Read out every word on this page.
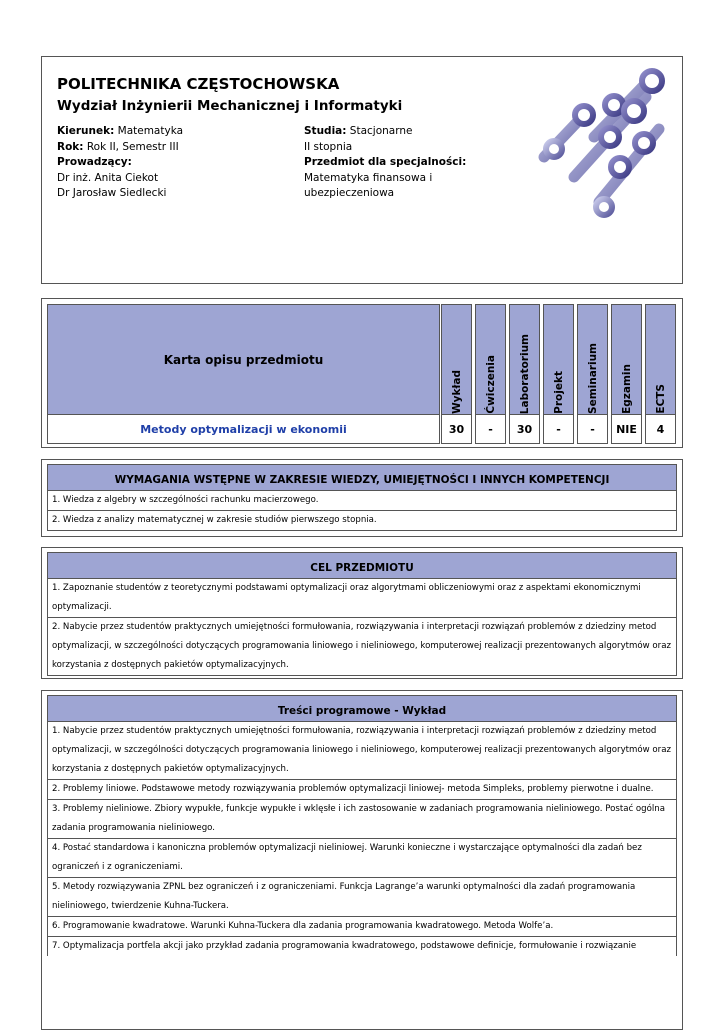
POLITECHNIKA CZĘSTOCHOWSKA
Wydział Inżynierii Mechanicznej i Informatyki
Kierunek: Matematyka
Rok: Rok II, Semestr III
Prowadzący:
Dr inż. Anita Ciekot
Dr Jarosław Siedlecki
Studia: Stacjonarne
II stopnia
Przedmiot dla specjalności:
Matematyka finansowa i
ubezpieczeniowa
Karta opisu przedmiotu
Metody optymalizacji w ekonomii
Wykład Ćwiczenia Laboratorium Projekt Seminarium Egzamin ECTS
30	-	30	-	-	NIE	4
WYMAGANIA WSTĘPNE W ZAKRESIE WIEDZY, UMIEJĘTNOŚCI I INNYCH KOMPETENCJI
1. Wiedza z algebry w szczególności rachunku macierzowego.
2. Wiedza z analizy matematycznej w zakresie studiów pierwszego stopnia.
CEL PRZEDMIOTU
1. Zapoznanie studentów z teoretycznymi podstawami optymalizacji oraz algorytmami obliczeniowymi oraz z aspektami ekonomicznymi optymalizacji.
2. Nabycie przez studentów praktycznych umiejętności formułowania, rozwiązywania i interpretacji rozwiązań problemów z dziedziny metod optymalizacji, w szczególności dotyczących programowania liniowego i nieliniowego, komputerowej realizacji prezentowanych algorytmów oraz korzystania z dostępnych pakietów optymalizacyjnych.
Treści programowe - Wykład
1. Nabycie przez studentów praktycznych umiejętności formułowania, rozwiązywania i interpretacji rozwiązań problemów z dziedziny metod optymalizacji, w szczególności dotyczących programowania liniowego i nieliniowego, komputerowej realizacji prezentowanych algorytmów oraz korzystania z dostępnych pakietów optymalizacyjnych.
2. Problemy liniowe. Podstawowe metody rozwiązywania problemów optymalizacji liniowej- metoda Simpleks, problemy pierwotne i dualne.
3. Problemy nieliniowe. Zbiory wypukłe, funkcje wypukłe i wklęsłe i ich zastosowanie w zadaniach programowania nieliniowego. Postać ogólna zadania programowania nieliniowego.
4. Postać standardowa i kanoniczna problemów optymalizacji nieliniowej. Warunki konieczne i wystarczające optymalności dla zadań bez ograniczeń i z ograniczeniami.
5. Metody rozwiązywania ZPNL bez ograniczeń i z ograniczeniami. Funkcja Lagrange’a warunki optymalności dla zadań programowania nieliniowego, twierdzenie Kuhna-Tuckera.
6. Programowanie kwadratowe. Warunki Kuhna-Tuckera dla zadania programowania kwadratowego. Metoda Wolfe’a.
7. Optymalizacja portfela akcji jako przykład zadania programowania kwadratowego, podstawowe definicje, formułowanie i rozwiązanie
